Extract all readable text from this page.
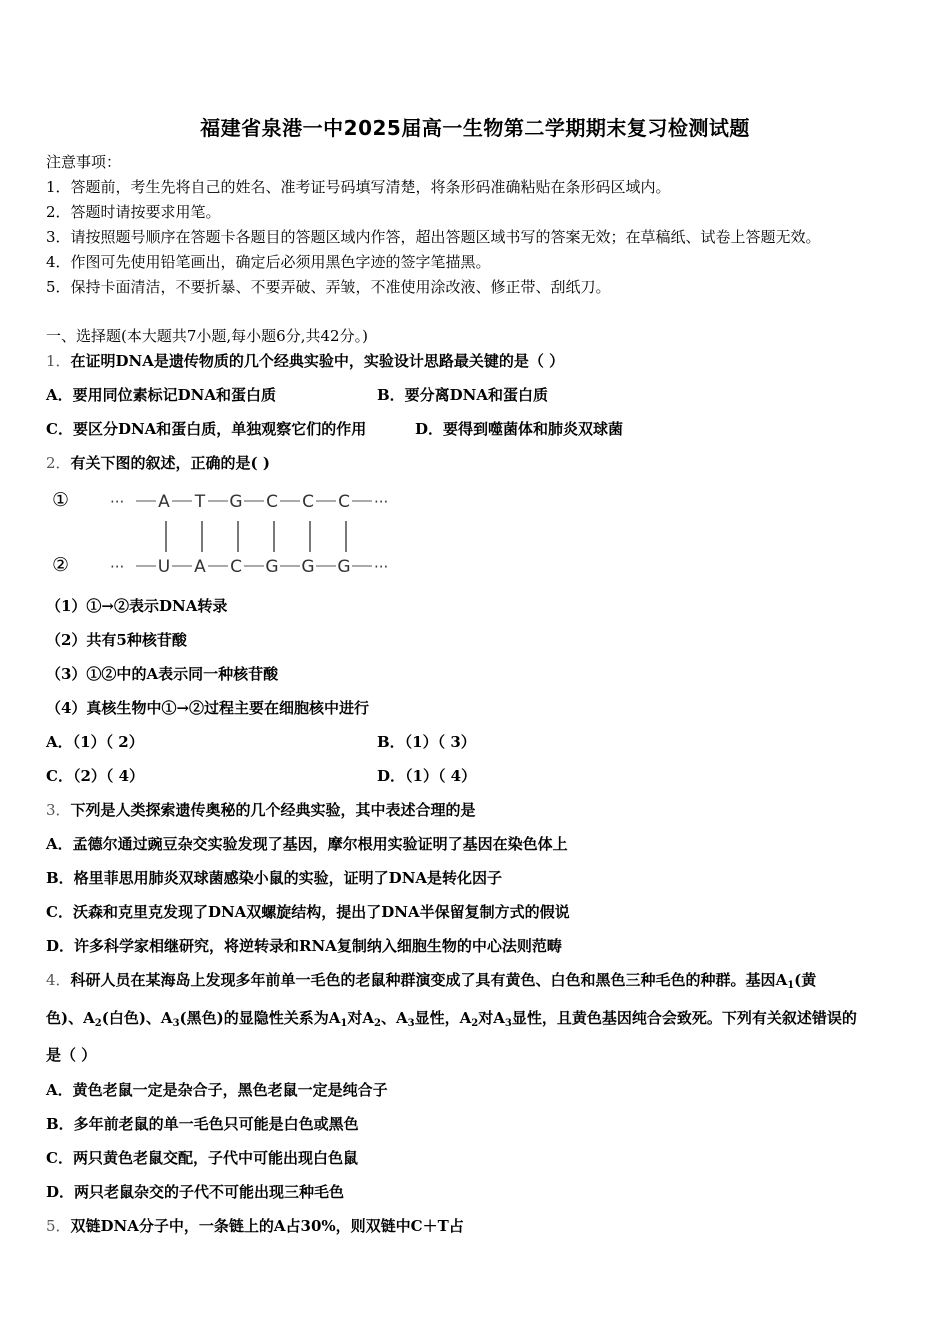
福建省泉港一中2025届高一生物第二学期期末复习检测试题
注意事项：
1．答题前，考生先将自己的姓名、准考证号码填写清楚，将条形码准确粘贴在条形码区域内。
2．答题时请按要求用笔。
3．请按照题号顺序在答题卡各题目的答题区域内作答，超出答题区域书写的答案无效；在草稿纸、试卷上答题无效。
4．作图可先使用铅笔画出，确定后必须用黑色字迹的签字笔描黑。
5．保持卡面清洁，不要折暴、不要弄破、弄皱，不准使用涂改液、修正带、刮纸刀。
一、选择题(本大题共7小题,每小题6分,共42分。)
1．在证明DNA是遗传物质的几个经典实验中，实验设计思路最关键的是（ ）
A．要用同位素标记DNA和蛋白质	B．要分离DNA和蛋白质
C．要区分DNA和蛋白质，单独观察它们的作用	D．要得到噬菌体和肺炎双球菌
2．有关下图的叙述，正确的是( )
①
②
··· A T G C C C ···
··· U A C G G G ···
（1）①→②表示DNA转录
（2）共有5种核苷酸
（3）①②中的A表示同一种核苷酸
（4）真核生物中①→②过程主要在细胞核中进行
A．（1）（ 2）	B．（1）（ 3）
C．（2）（ 4）	D．（1）（ 4）
3．下列是人类探索遗传奥秘的几个经典实验，其中表述合理的是
A．孟德尔通过豌豆杂交实验发现了基因，摩尔根用实验证明了基因在染色体上
B．格里菲思用肺炎双球菌感染小鼠的实验，证明了DNA是转化因子
C．沃森和克里克发现了DNA双螺旋结构，提出了DNA半保留复制方式的假说
D．许多科学家相继研究，将逆转录和RNA复制纳入细胞生物的中心法则范畴
4．科研人员在某海岛上发现多年前单一毛色的老鼠种群演变成了具有黄色、白色和黑色三种毛色的种群。基因$A_1$(黄
色)、$A_2$(白色)、$A_3$(黑色)的显隐性关系为$A_1$对$A_2$、$A_3$显性，$A_2$对$A_3$显性，且黄色基因纯合会致死。下列有关叙述错误的
是（ ）
A．黄色老鼠一定是杂合子，黑色老鼠一定是纯合子
B．多年前老鼠的单一毛色只可能是白色或黑色
C．两只黄色老鼠交配，子代中可能出现白色鼠
D．两只老鼠杂交的子代不可能出现三种毛色
5．双链DNA分子中，一条链上的A占30%，则双链中C＋T占
